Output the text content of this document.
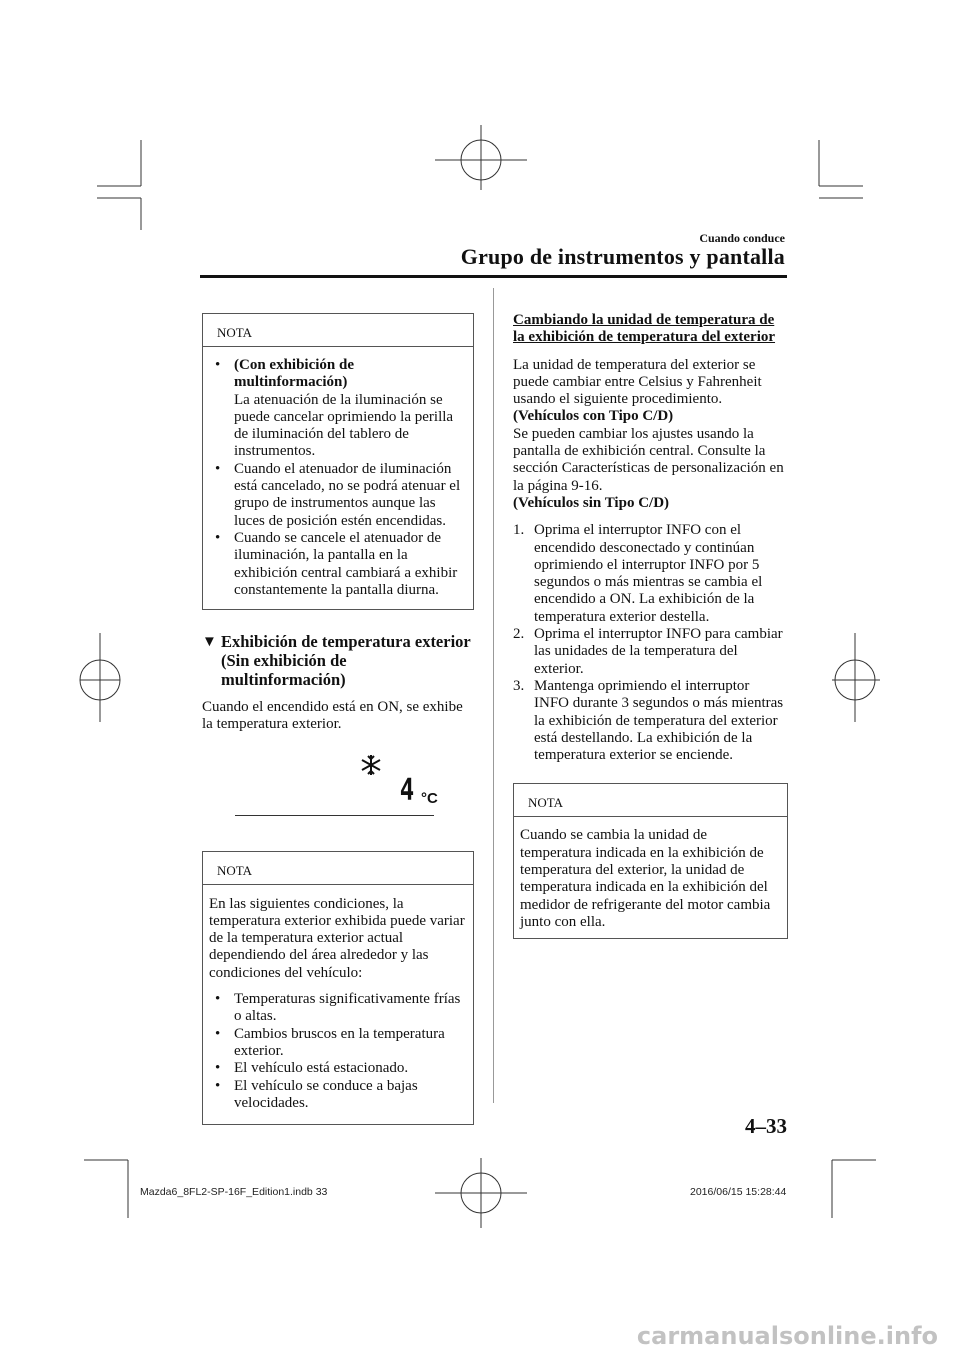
Cuando conduce
Grupo de instrumentos y pantalla
NOTA
• (Con exhibición de multinformación)
La atenuación de la iluminación se puede cancelar oprimiendo la perilla de iluminación del tablero de instrumentos.
• Cuando el atenuador de iluminación está cancelado, no se podrá atenuar el grupo de instrumentos aunque las luces de posición estén encendidas.
• Cuando se cancele el atenuador de iluminación, la pantalla en la exhibición central cambiará a exhibir constantemente la pantalla diurna.
▼ Exhibición de temperatura exterior (Sin exhibición de multinformación)
Cuando el encendido está en ON, se exhibe la temperatura exterior.
4 °C
NOTA
En las siguientes condiciones, la temperatura exterior exhibida puede variar de la temperatura exterior actual dependiendo del área alrededor y las condiciones del vehículo:
• Temperaturas significativamente frías o altas.
• Cambios bruscos en la temperatura exterior.
• El vehículo está estacionado.
• El vehículo se conduce a bajas velocidades.
Cambiando la unidad de temperatura de la exhibición de temperatura del exterior
La unidad de temperatura del exterior se puede cambiar entre Celsius y Fahrenheit usando el siguiente procedimiento.
(Vehículos con Tipo C/D)
Se pueden cambiar los ajustes usando la pantalla de exhibición central. Consulte la sección Características de personalización en la página 9-16.
(Vehículos sin Tipo C/D)
1. Oprima el interruptor INFO con el encendido desconectado y continúan oprimiendo el interruptor INFO por 5 segundos o más mientras se cambia el encendido a ON. La exhibición de la temperatura exterior destella.
2. Oprima el interruptor INFO para cambiar las unidades de la temperatura del exterior.
3. Mantenga oprimiendo el interruptor INFO durante 3 segundos o más mientras la exhibición de temperatura del exterior está destellando. La exhibición de la temperatura exterior se enciende.
NOTA
Cuando se cambia la unidad de temperatura indicada en la exhibición de temperatura del exterior, la unidad de temperatura indicada en la exhibición del medidor de refrigerante del motor cambia junto con ella.
4–33
Mazda6_8FL2-SP-16F_Edition1.indb 33	2016/06/15 15:28:44
carmanualsonline.info
